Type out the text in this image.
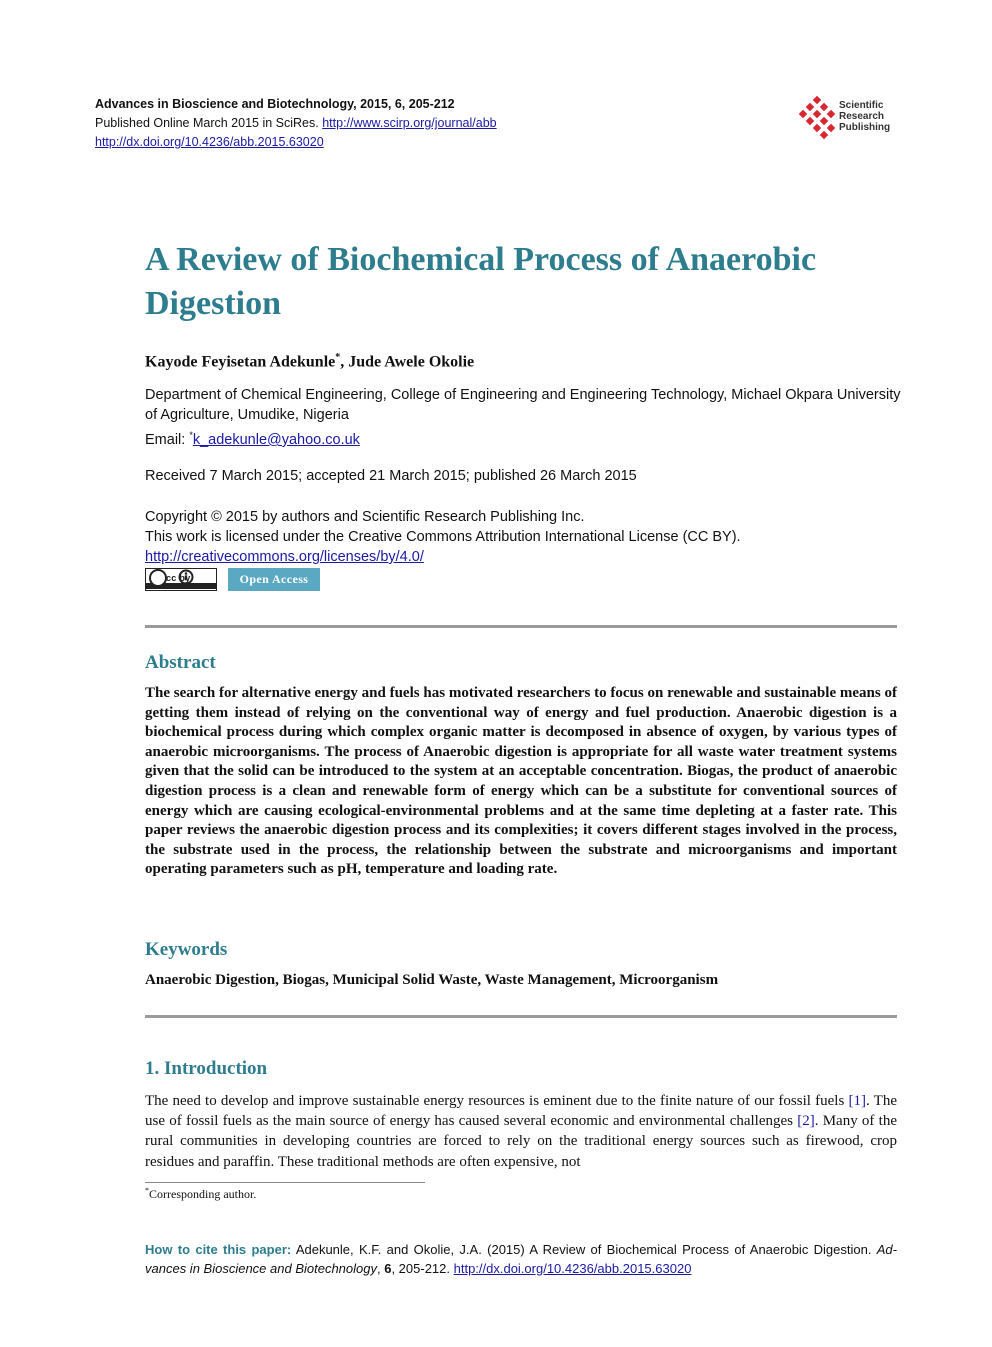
Advances in Bioscience and Biotechnology, 2015, 6, 205-212
Published Online March 2015 in SciRes. http://www.scirp.org/journal/abb
http://dx.doi.org/10.4236/abb.2015.63020
Scientific
Research
Publishing
A Review of Biochemical Process of Anaerobic Digestion
Kayode Feyisetan Adekunle*, Jude Awele Okolie
Department of Chemical Engineering, College of Engineering and Engineering Technology, Michael Okpara University of Agriculture, Umudike, Nigeria
Email: *k_adekunle@yahoo.co.uk
Received 7 March 2015; accepted 21 March 2015; published 26 March 2015
Copyright © 2015 by authors and Scientific Research Publishing Inc.
This work is licensed under the Creative Commons Attribution International License (CC BY).
http://creativecommons.org/licenses/by/4.0/
cc by	Open Access
Abstract
The search for alternative energy and fuels has motivated researchers to focus on renewable and sustainable means of getting them instead of relying on the conventional way of energy and fuel production. Anaerobic digestion is a biochemical process during which complex organic matter is decomposed in absence of oxygen, by various types of anaerobic microorganisms. The process of Anaerobic digestion is appropriate for all waste water treatment systems given that the solid can be introduced to the system at an acceptable concentration. Biogas, the product of anaerobic digestion process is a clean and renewable form of energy which can be a substitute for conventional sources of energy which are causing ecological-environmental problems and at the same time depleting at a faster rate. This paper reviews the anaerobic digestion process and its complexities; it covers different stages involved in the process, the substrate used in the process, the relationship between the substrate and microorganisms and important operating parameters such as pH, temperature and loading rate.
Keywords
Anaerobic Digestion, Biogas, Municipal Solid Waste, Waste Management, Microorganism
1. Introduction
The need to develop and improve sustainable energy resources is eminent due to the finite nature of our fossil fuels [1]. The use of fossil fuels as the main source of energy has caused several economic and environmental challenges [2]. Many of the rural communities in developing countries are forced to rely on the traditional energy sources such as firewood, crop residues and paraffin. These traditional methods are often expensive, not
*Corresponding author.
How to cite this paper: Adekunle, K.F. and Okolie, J.A. (2015) A Review of Biochemical Process of Anaerobic Digestion. Advances in Bioscience and Biotechnology, 6, 205-212. http://dx.doi.org/10.4236/abb.2015.63020
